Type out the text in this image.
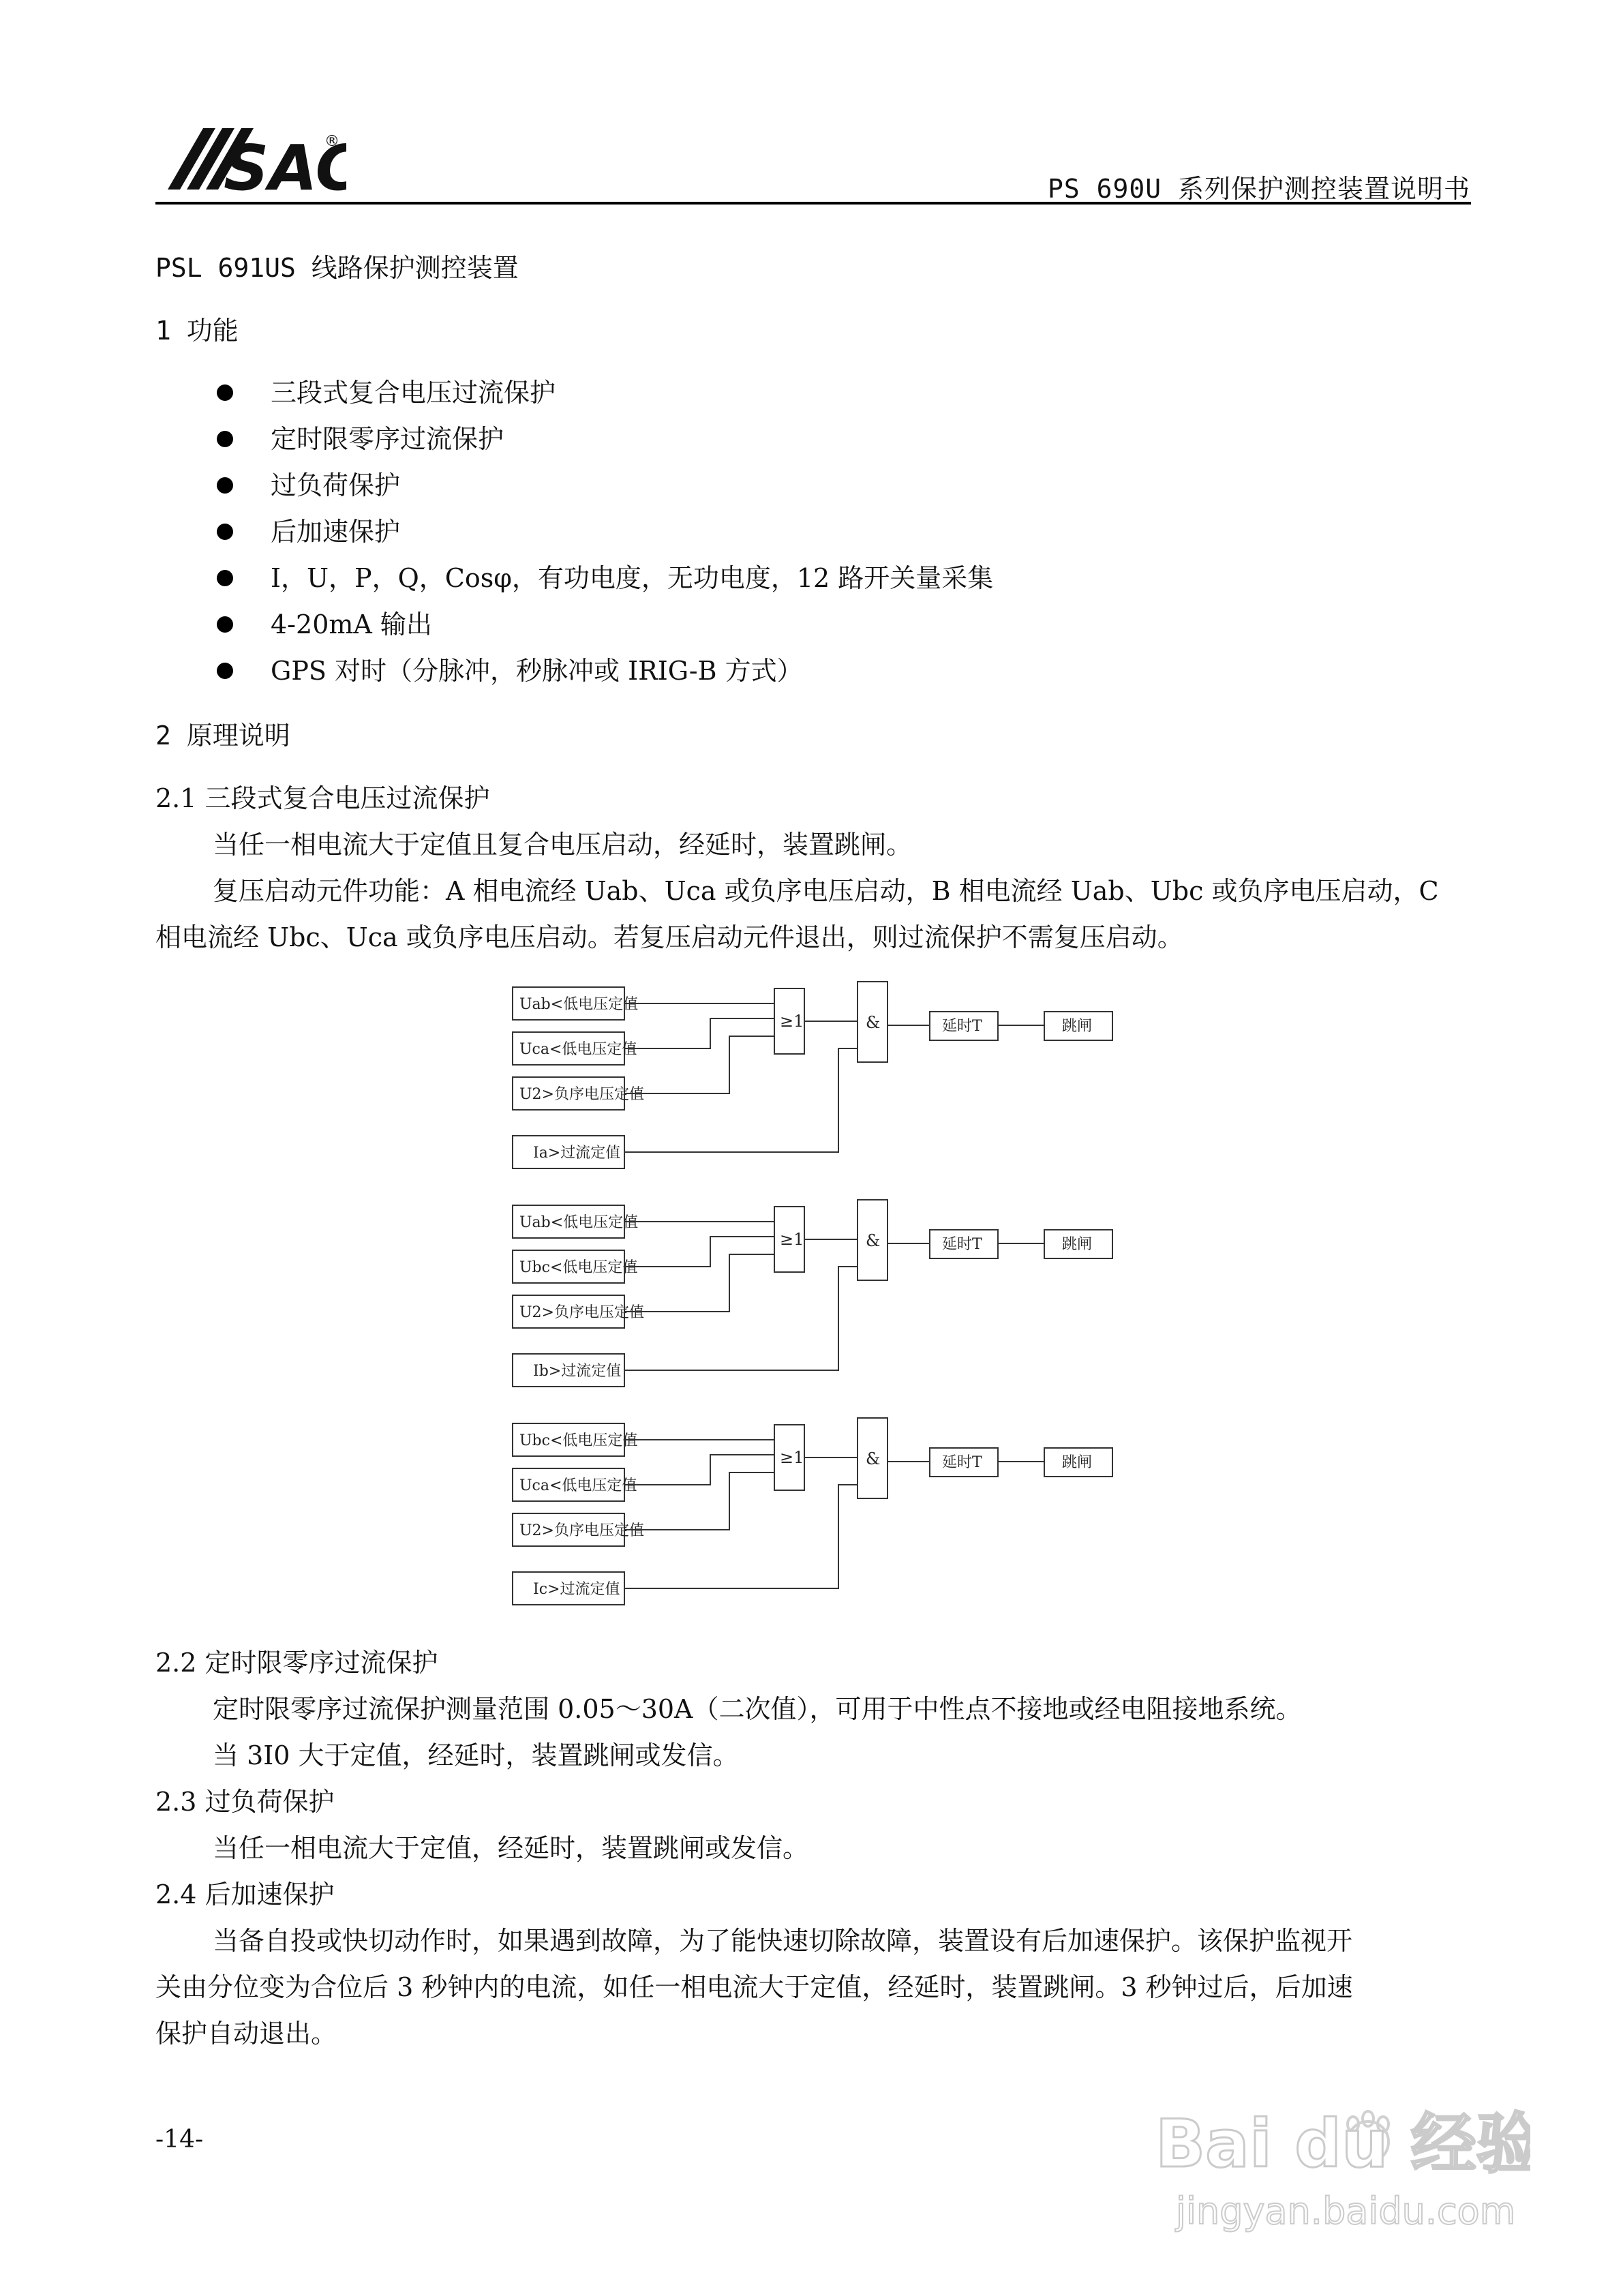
SA ®
PS 690U 系列保护测控装置说明书
PSL 691US 线路保护测控装置
1 功能
三段式复合电压过流保护
定时限零序过流保护
过负荷保护
后加速保护
I，U，P，Q，Cosφ，有功电度，无功电度，12 路开关量采集
4-20mA 输出
GPS 对时（分脉冲，秒脉冲或 IRIG-B 方式）
2 原理说明
2.1 三段式复合电压过流保护
当任一相电流大于定值且复合电压启动，经延时，装置跳闸。
复压启动元件功能：A 相电流经 Uab、Uca 或负序电压启动，B 相电流经 Uab、Ubc 或负序电压启动，C
相电流经 Ubc、Uca 或负序电压启动。若复压启动元件退出，则过流保护不需复压启动。
Uab<低电压定值
Uca<低电压定值
U2>负序电压定值
Ia>过流定值
≥1	&	延时T	跳闸
Uab<低电压定值
Ubc<低电压定值
U2>负序电压定值
Ib>过流定值
≥1	&	延时T	跳闸
Ubc<低电压定值
Uca<低电压定值
U2>负序电压定值
Ic>过流定值
≥1	&	延时T	跳闸
2.2 定时限零序过流保护
定时限零序过流保护测量范围 0.05～30A（二次值），可用于中性点不接地或经电阻接地系统。
当 3I0 大于定值，经延时，装置跳闸或发信。
2.3 过负荷保护
当任一相电流大于定值，经延时，装置跳闸或发信。
2.4 后加速保护
当备自投或快切动作时，如果遇到故障，为了能快速切除故障，装置设有后加速保护。该保护监视开
关由分位变为合位后 3 秒钟内的电流，如任一相电流大于定值，经延时，装置跳闸。3 秒钟过后，后加速
保护自动退出。
-14-	Bai du 经验
jingyan.baidu.com
